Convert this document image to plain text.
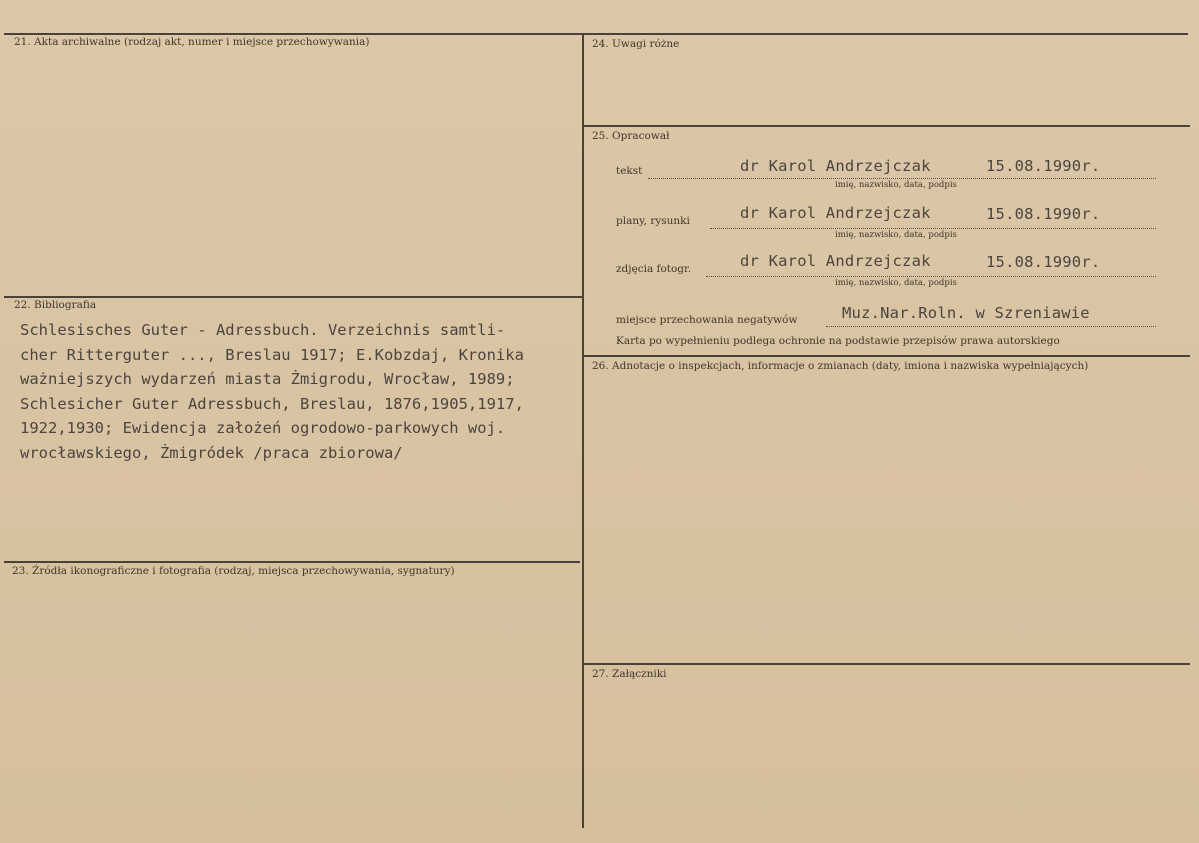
21. Akta archiwalne (rodzaj akt, numer i miejsce przechowywania)
22. Bibliografia
23. Źródła ikonograficzne i fotografia (rodzaj, miejsca przechowywania, sygnatury)
24. Uwagi różne
25. Opracował
26. Adnotacje o inspekcjach, informacje o zmianach (daty, imiona i nazwiska wypełniających)
27. Załączniki
Schlesisches Guter - Adressbuch. Verzeichnis samtli-
cher Ritterguter ..., Breslau 1917; E.Kobzdaj, Kronika
ważniejszych wydarzeń miasta Żmigrodu, Wrocław, 1989;
Schlesicher Guter Adressbuch, Breslau, 1876,1905,1917,
1922,1930; Ewidencja założeń ogrodowo-parkowych woj.
wrocławskiego, Żmigródek /praca zbiorowa/
tekst	dr Karol Andrzejczak	15.08.1990r.
imię, nazwisko, data, podpis
plany, rysunki	dr Karol Andrzejczak	15.08.1990r.
imię, nazwisko, data, podpis
zdjęcia fotogr.	dr Karol Andrzejczak	15.08.1990r.
imię, nazwisko, data, podpis
miejsce przechowania negatywów	Muz.Nar.Roln. w Szreniawie
Karta po wypełnieniu podlega ochronie na podstawie przepisów prawa autorskiego
